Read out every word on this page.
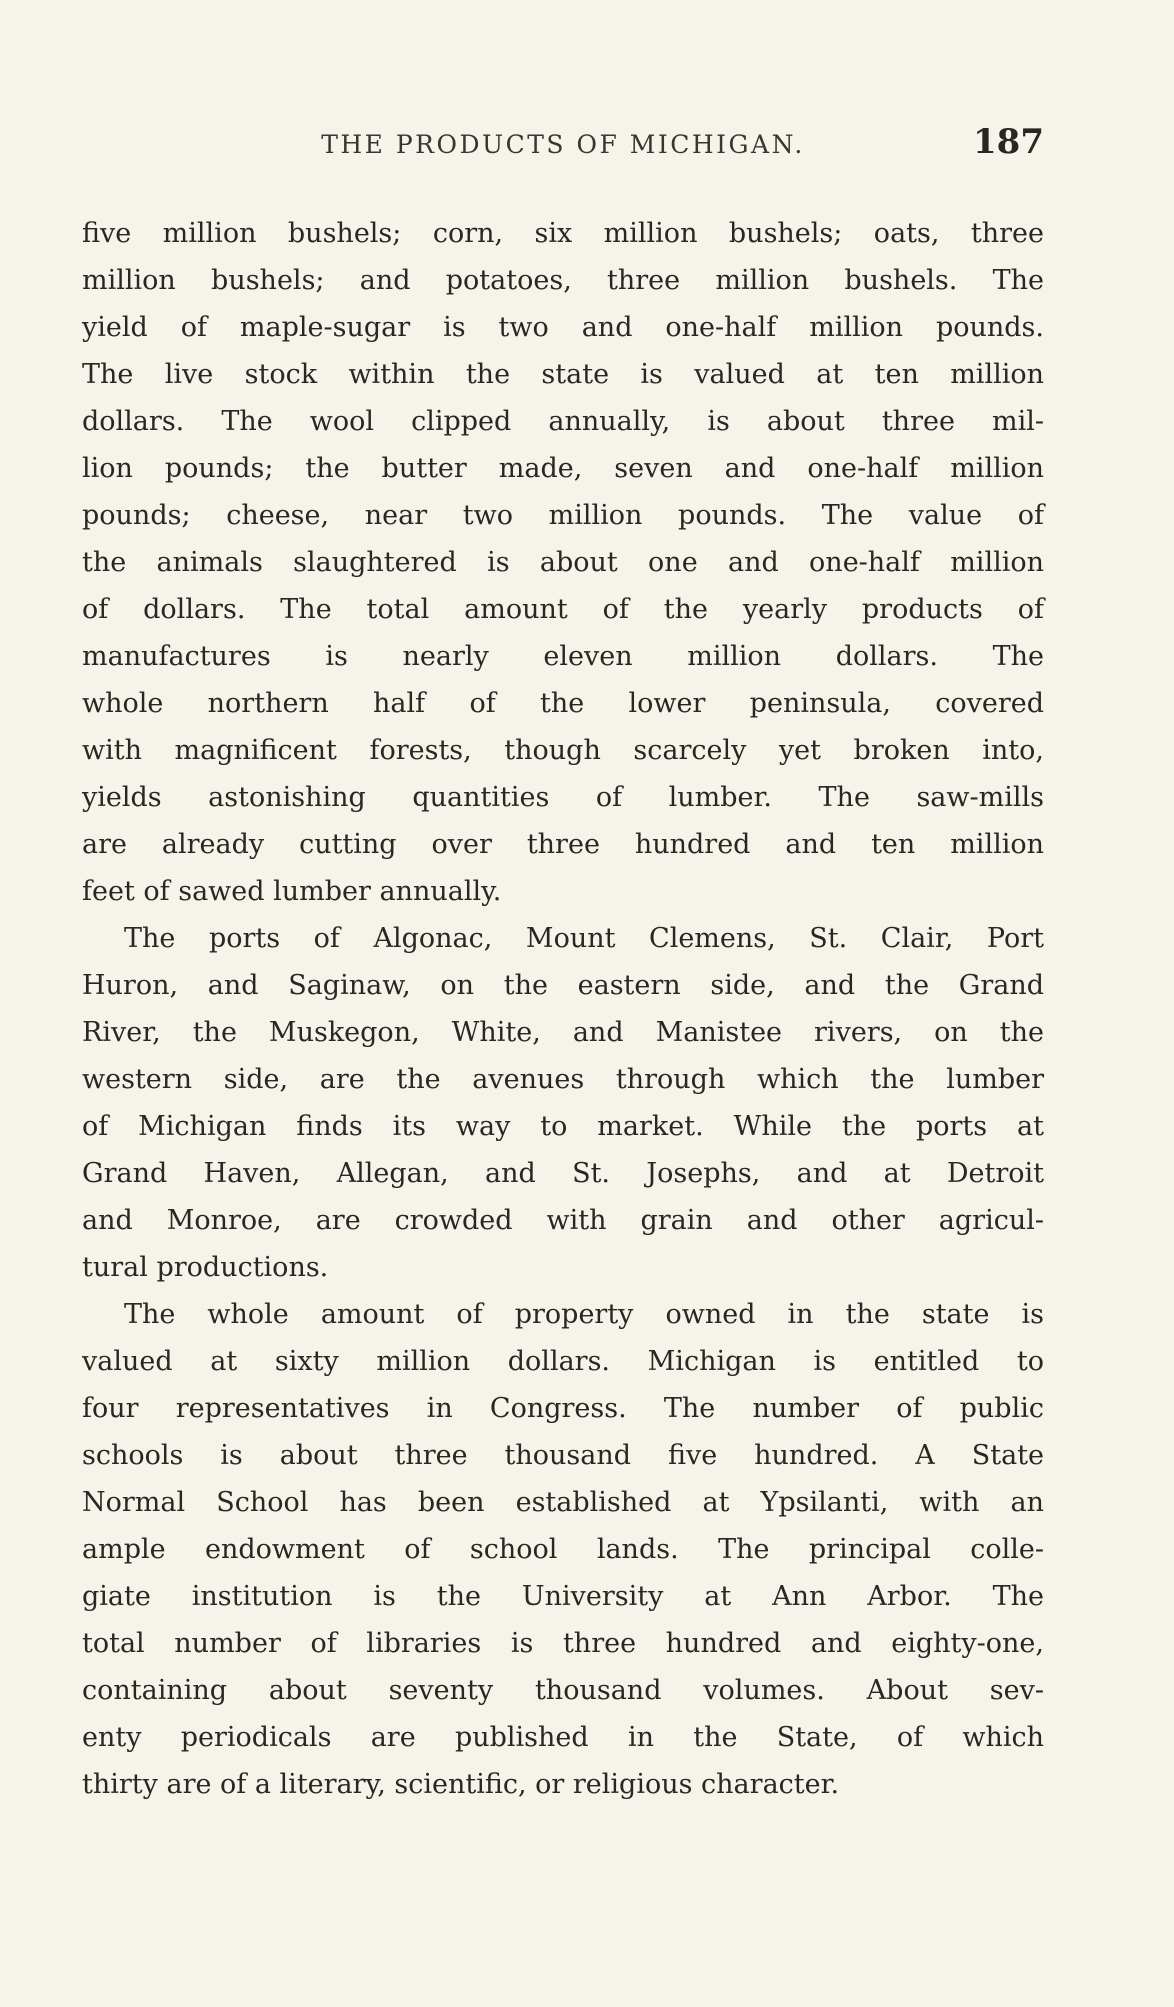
THE PRODUCTS OF MICHIGAN.	187
five million bushels; corn, six million bushels; oats, three
million bushels; and potatoes, three million bushels. The
yield of maple-sugar is two and one-half million pounds.
The live stock within the state is valued at ten million
dollars. The wool clipped annually, is about three mil-
lion pounds; the butter made, seven and one-half million
pounds; cheese, near two million pounds. The value of
the animals slaughtered is about one and one-half million
of dollars. The total amount of the yearly products of
manufactures is nearly eleven million dollars. The
whole northern half of the lower peninsula, covered
with magnificent forests, though scarcely yet broken into,
yields astonishing quantities of lumber. The saw-mills
are already cutting over three hundred and ten million
feet of sawed lumber annually.
The ports of Algonac, Mount Clemens, St. Clair, Port
Huron, and Saginaw, on the eastern side, and the Grand
River, the Muskegon, White, and Manistee rivers, on the
western side, are the avenues through which the lumber
of Michigan finds its way to market. While the ports at
Grand Haven, Allegan, and St. Josephs, and at Detroit
and Monroe, are crowded with grain and other agricul-
tural productions.
The whole amount of property owned in the state is
valued at sixty million dollars. Michigan is entitled to
four representatives in Congress. The number of public
schools is about three thousand five hundred. A State
Normal School has been established at Ypsilanti, with an
ample endowment of school lands. The principal colle-
giate institution is the University at Ann Arbor. The
total number of libraries is three hundred and eighty-one,
containing about seventy thousand volumes. About sev-
enty periodicals are published in the State, of which
thirty are of a literary, scientific, or religious character.
